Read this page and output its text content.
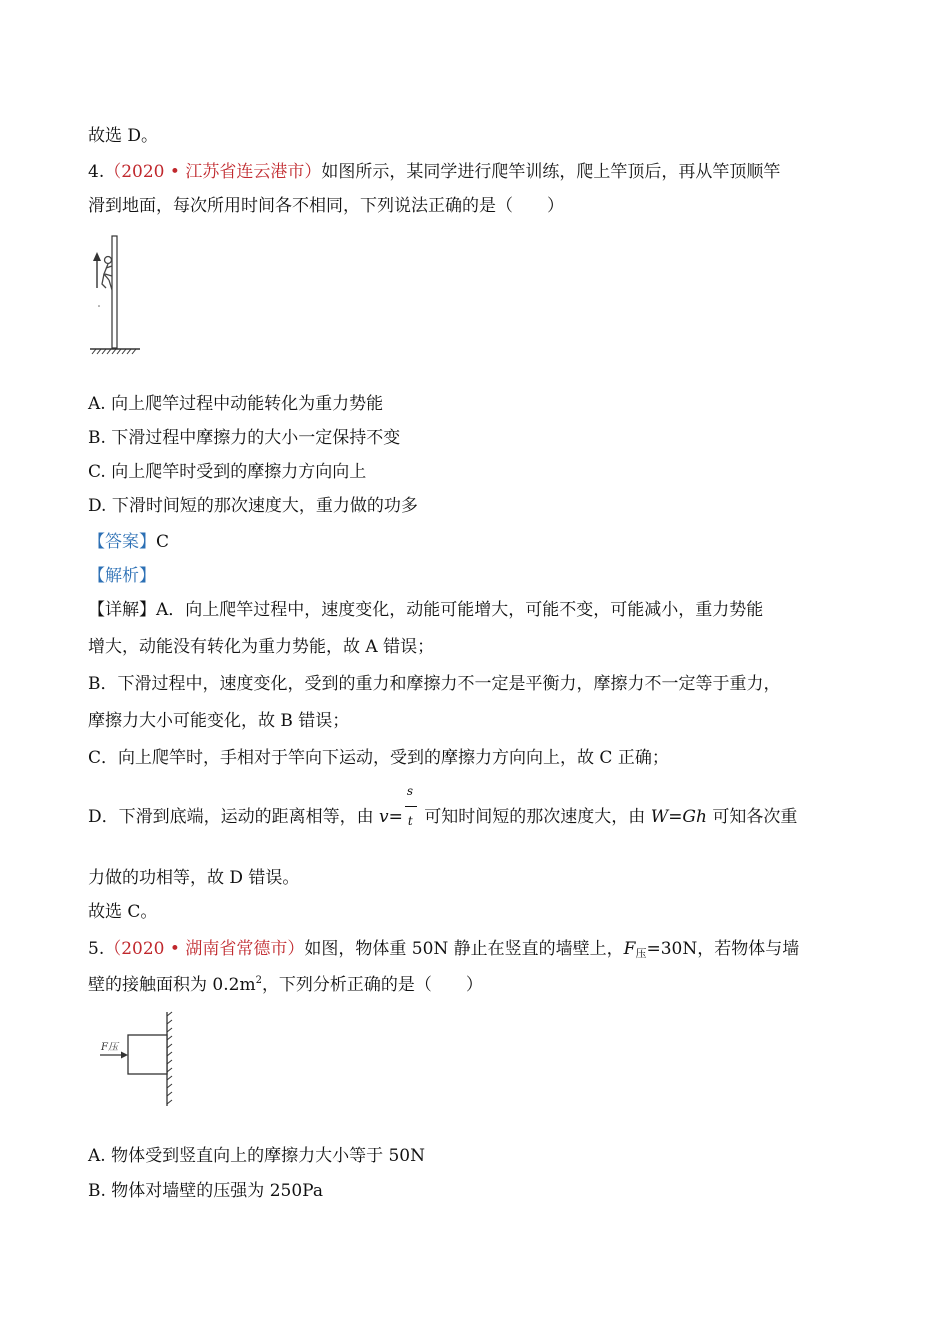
故选 D。
4.（2020 • 江苏省连云港市）如图所示，某同学进行爬竿训练，爬上竿顶后，再从竿顶顺竿
滑到地面，每次所用时间各不相同，下列说法正确的是（　　）
A. 向上爬竿过程中动能转化为重力势能
B. 下滑过程中摩擦力的大小一定保持不变
C. 向上爬竿时受到的摩擦力方向向上
D. 下滑时间短的那次速度大，重力做的功多
【答案】C
【解析】
【详解】A．向上爬竿过程中，速度变化，动能可能增大，可能不变，可能减小，重力势能
增大，动能没有转化为重力势能，故 A 错误；
B．下滑过程中，速度变化，受到的重力和摩擦力不一定是平衡力，摩擦力不一定等于重力，
摩擦力大小可能变化，故 B 错误；
C．向上爬竿时，手相对于竿向下运动，受到的摩擦力方向向上，故 C 正确；
D．下滑到底端，运动的距离相等，由 $v= \frac{s}{t}$ 可知时间短的那次速度大，由 W=Gh 可知各次重
力做的功相等，故 D 错误。
故选 C。
5.（2020 • 湖南省常德市）如图，物体重 50N 静止在竖直的墙壁上，F压=30N，若物体与墙
壁的接触面积为 $0.2m^2$，下列分析正确的是（　　）
F压
A. 物体受到竖直向上的摩擦力大小等于 50N
B. 物体对墙壁的压强为 250Pa
